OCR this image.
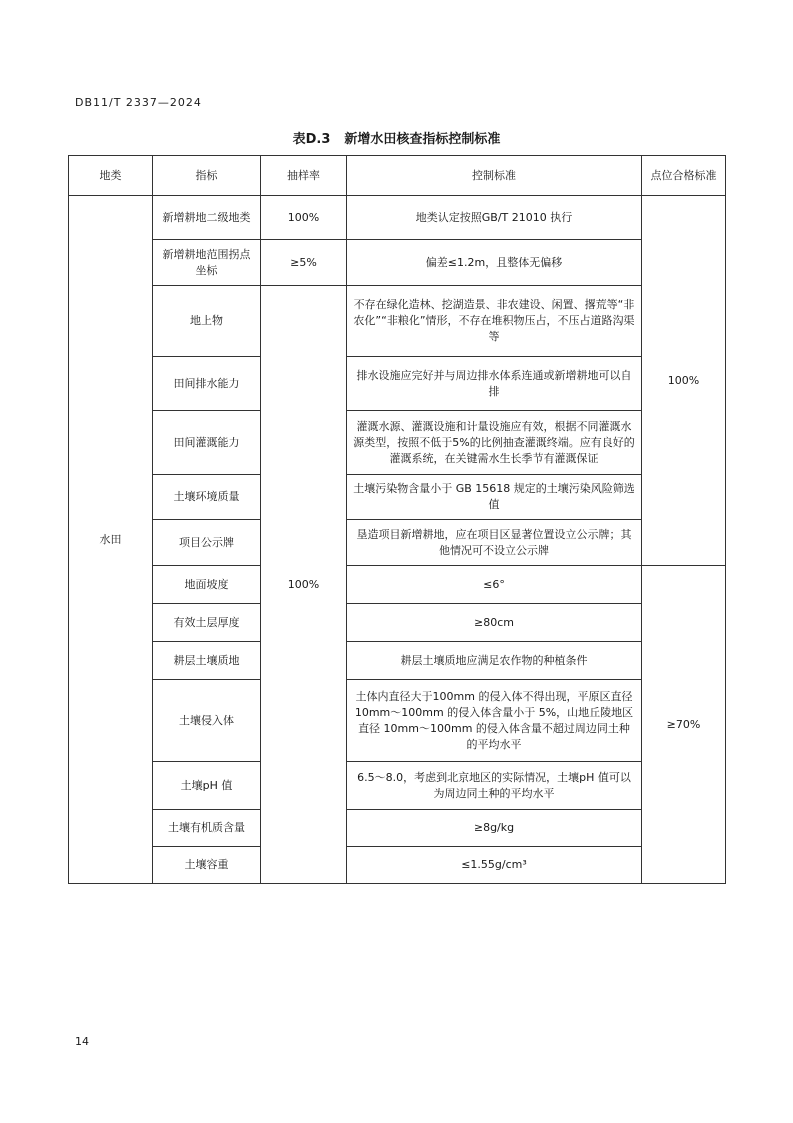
DB11/T 2337—2024
表D.3 新增水田核查指标控制标准
地类	指标	抽样率	控制标准	点位合格标准
水田	新增耕地二级地类	100%	地类认定按照GB/T 21010 执行	100%
	新增耕地范围拐点坐标	≥5%	偏差≤1.2m，且整体无偏移	
	地上物	100%	不存在绿化造林、挖湖造景、非农建设、闲置、撂荒等“非农化”“非粮化”情形，不存在堆积物压占，不压占道路沟渠等	
	田间排水能力		排水设施应完好并与周边排水体系连通或新增耕地可以自排	
	田间灌溉能力		灌溉水源、灌溉设施和计量设施应有效，根据不同灌溉水源类型，按照不低于5%的比例抽查灌溉终端。应有良好的灌溉系统，在关键需水生长季节有灌溉保证	
	土壤环境质量		土壤污染物含量小于 GB 15618 规定的土壤污染风险筛选值	
	项目公示牌		垦造项目新增耕地，应在项目区显著位置设立公示牌；其他情况可不设立公示牌	
	地面坡度		≤6°	≥70%
	有效土层厚度		≥80cm	
	耕层土壤质地		耕层土壤质地应满足农作物的种植条件	
	土壤侵入体		土体内直径大于100mm 的侵入体不得出现，平原区直径10mm～100mm 的侵入体含量小于 5%，山地丘陵地区直径 10mm～100mm 的侵入体含量不超过周边同土种的平均水平	
	土壤pH 值		6.5～8.0，考虑到北京地区的实际情况，土壤pH 值可以为周边同土种的平均水平	
	土壤有机质含量		≥8g/kg	
	土壤容重		≤1.55g/cm³	
14
